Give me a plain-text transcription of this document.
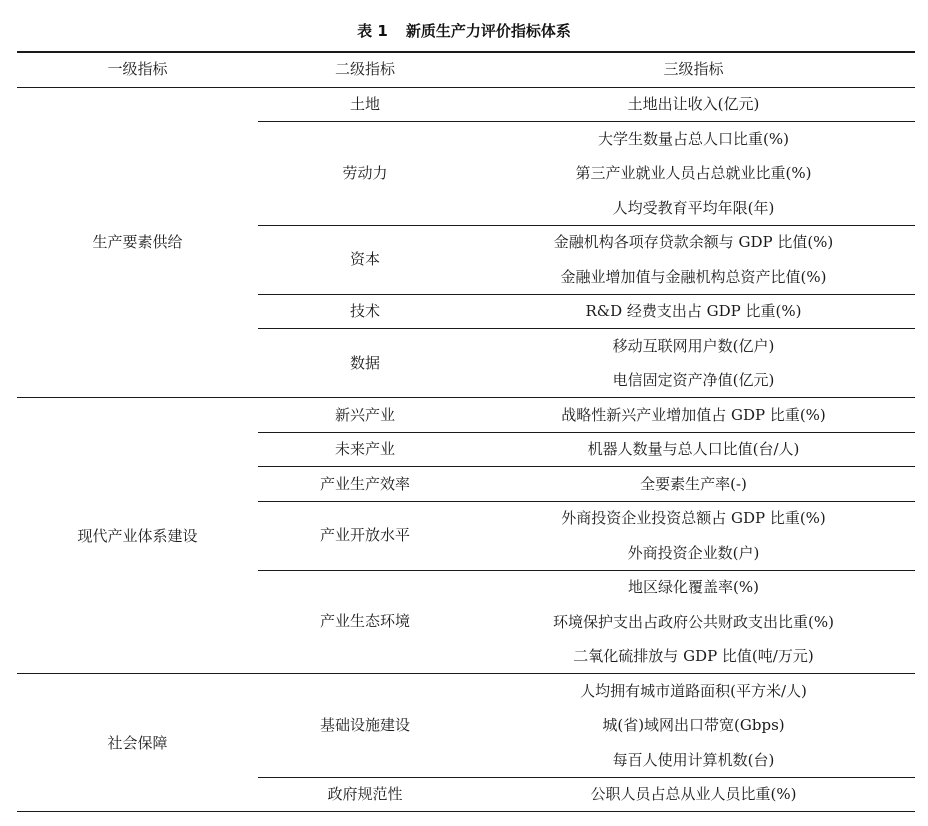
表 1 新质生产力评价指标体系
一级指标	二级指标	三级指标
土地出让收入(亿元)
土地
大学生数量占总人口比重(%)
第三产业就业人员占总就业比重(%)
人均受教育平均年限(年)
劳动力
金融机构各项存贷款余额与 GDP 比值(%)
金融业增加值与金融机构总资产比值(%)
资本
R&D 经费支出占 GDP 比重(%)
技术
移动互联网用户数(亿户)
电信固定资产净值(亿元)
数据
生产要素供给
战略性新兴产业增加值占 GDP 比重(%)
新兴产业
机器人数量与总人口比值(台/人)
未来产业
全要素生产率(-)
产业生产效率
外商投资企业投资总额占 GDP 比重(%)
外商投资企业数(户)
产业开放水平
地区绿化覆盖率(%)
环境保护支出占政府公共财政支出比重(%)
二氧化硫排放与 GDP 比值(吨/万元)
产业生态环境
现代产业体系建设
人均拥有城市道路面积(平方米/人)
城(省)域网出口带宽(Gbps)
每百人使用计算机数(台)
基础设施建设
公职人员占总从业人员比重(%)
政府规范性
社会保障
